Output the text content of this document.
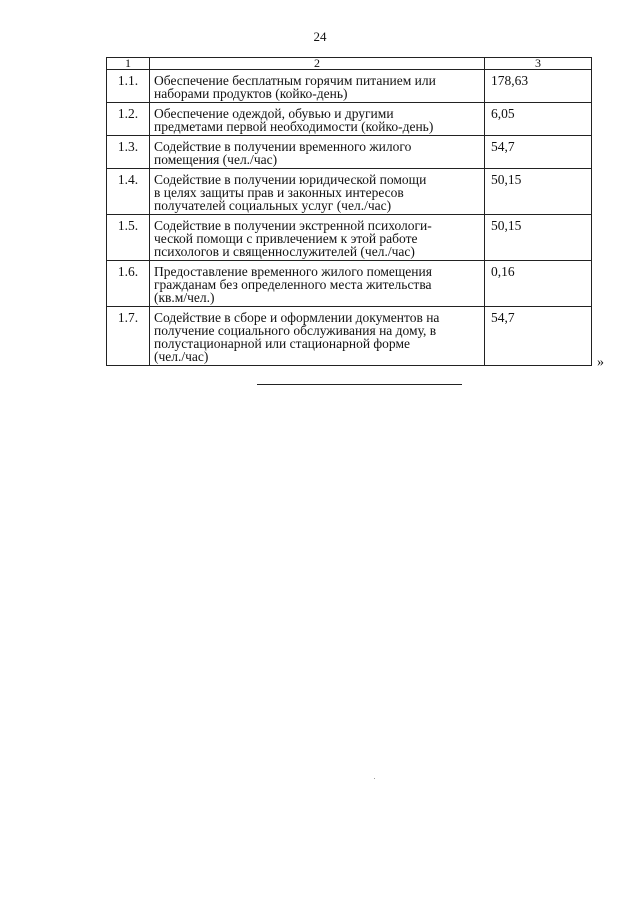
24
1	2	3
1.1.	Обеспечение бесплатным горячим питанием или
наборами продуктов (койко-день)	178,63
1.2.	Обеспечение одеждой, обувью и другими
предметами первой необходимости (койко-день)	6,05
1.3.	Содействие в получении временного жилого
помещения (чел./час)	54,7
1.4.	Содействие в получении юридической помощи
в целях защиты прав и законных интересов
получателей социальных услуг (чел./час)	50,15
1.5.	Содействие в получении экстренной психологи-
ческой помощи с привлечением к этой работе
психологов и священнослужителей (чел./час)	50,15
1.6.	Предоставление временного жилого помещения
гражданам без определенного места жительства
(кв.м/чел.)	0,16
1.7.	Содействие в сборе и оформлении документов на
получение социального обслуживания на дому, в
полустационарной или стационарной форме
(чел./час)	54,7
»
